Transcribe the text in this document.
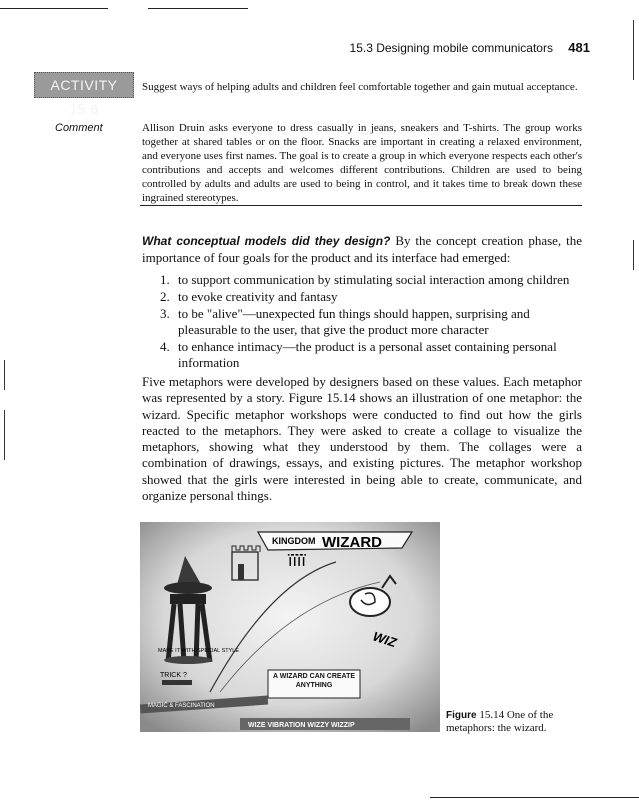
15.3 Designing mobile communicators 481
ACTIVITY 15.6
Suggest ways of helping adults and children feel comfortable together and gain mutual acceptance.
Comment	Allison Druin asks everyone to dress casually in jeans, sneakers and T-shirts. The group works together at shared tables or on the floor. Snacks are important in creating a relaxed environment, and everyone uses first names. The goal is to create a group in which everyone respects each other's contributions and accepts and welcomes different contributions. Children are used to being controlled by adults and adults are used to being in control, and it takes time to break down these ingrained stereotypes.
What conceptual models did they design? By the concept creation phase, the importance of four goals for the product and its interface had emerged:
1. to support communication by stimulating social interaction among children
2. to evoke creativity and fantasy
3. to be "alive"—unexpected fun things should happen, surprising and pleasurable to the user, that give the product more character
4. to enhance intimacy—the product is a personal asset containing personal information
Five metaphors were developed by designers based on these values. Each metaphor was represented by a story. Figure 15.14 shows an illustration of one metaphor: the wizard. Specific metaphor workshops were conducted to find out how the girls reacted to the metaphors. They were asked to create a collage to visualize the metaphors, showing what they understood by them. The collages were a combination of drawings, essays, and existing pictures. The metaphor workshop showed that the girls were interested in being able to create, communicate, and organize personal things.
KINGDOM WIZARD
ïïïï
WIZ
MAKE IT WITH SPECIAL STYLE
TRICK ?	A WIZARD CAN CREATE ANYTHING
MAGIC & FASCINATION
WIZE VIBRATION WIZZY WIZZIP
Figure 15.14 One of the metaphors: the wizard.
